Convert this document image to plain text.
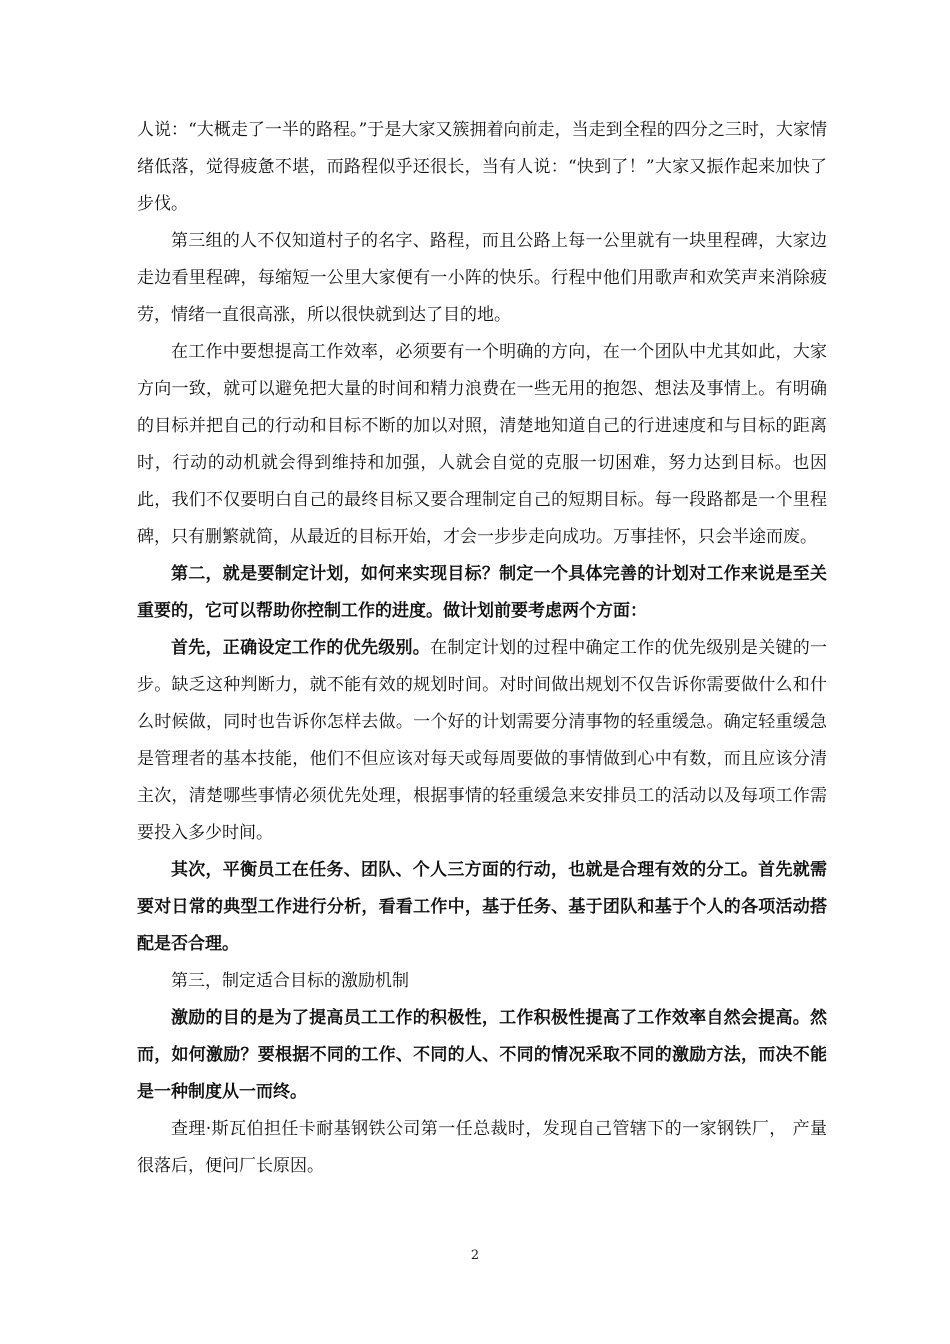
人说：“大概走了一半的路程。”于是大家又簇拥着向前走，当走到全程的四分之三时，大家情绪低落，觉得疲惫不堪，而路程似乎还很长，当有人说：“快到了！”大家又振作起来加快了步伐。

第三组的人不仅知道村子的名字、路程，而且公路上每一公里就有一块里程碑，大家边走边看里程碑，每缩短一公里大家便有一小阵的快乐。行程中他们用歌声和欢笑声来消除疲劳，情绪一直很高涨，所以很快就到达了目的地。

在工作中要想提高工作效率，必须要有一个明确的方向，在一个团队中尤其如此，大家方向一致，就可以避免把大量的时间和精力浪费在一些无用的抱怨、想法及事情上。有明确的目标并把自己的行动和目标不断的加以对照，清楚地知道自己的行进速度和与目标的距离时，行动的动机就会得到维持和加强，人就会自觉的克服一切困难，努力达到目标。也因此，我们不仅要明白自己的最终目标又要合理制定自己的短期目标。每一段路都是一个里程碑，只有删繁就简，从最近的目标开始，才会一步步走向成功。万事挂怀，只会半途而废。

第二，就是要制定计划，如何来实现目标？制定一个具体完善的计划对工作来说是至关重要的，它可以帮助你控制工作的进度。做计划前要考虑两个方面：

首先，正确设定工作的优先级别。在制定计划的过程中确定工作的优先级别是关键的一步。缺乏这种判断力，就不能有效的规划时间。对时间做出规划不仅告诉你需要做什么和什么时候做，同时也告诉你怎样去做。一个好的计划需要分清事物的轻重缓急。确定轻重缓急是管理者的基本技能，他们不但应该对每天或每周要做的事情做到心中有数，而且应该分清主次，清楚哪些事情必须优先处理，根据事情的轻重缓急来安排员工的活动以及每项工作需要投入多少时间。

其次，平衡员工在任务、团队、个人三方面的行动，也就是合理有效的分工。首先就需要对日常的典型工作进行分析，看看工作中，基于任务、基于团队和基于个人的各项活动搭配是否合理。

第三，制定适合目标的激励机制

激励的目的是为了提高员工工作的积极性，工作积极性提高了工作效率自然会提高。然而，如何激励？要根据不同的工作、不同的人、不同的情况采取不同的激励方法，而决不能是一种制度从一而终。

查理·斯瓦伯担任卡耐基钢铁公司第一任总裁时，发现自己管辖下的一家钢铁厂， 产量很落后，便问厂长原因。

2
